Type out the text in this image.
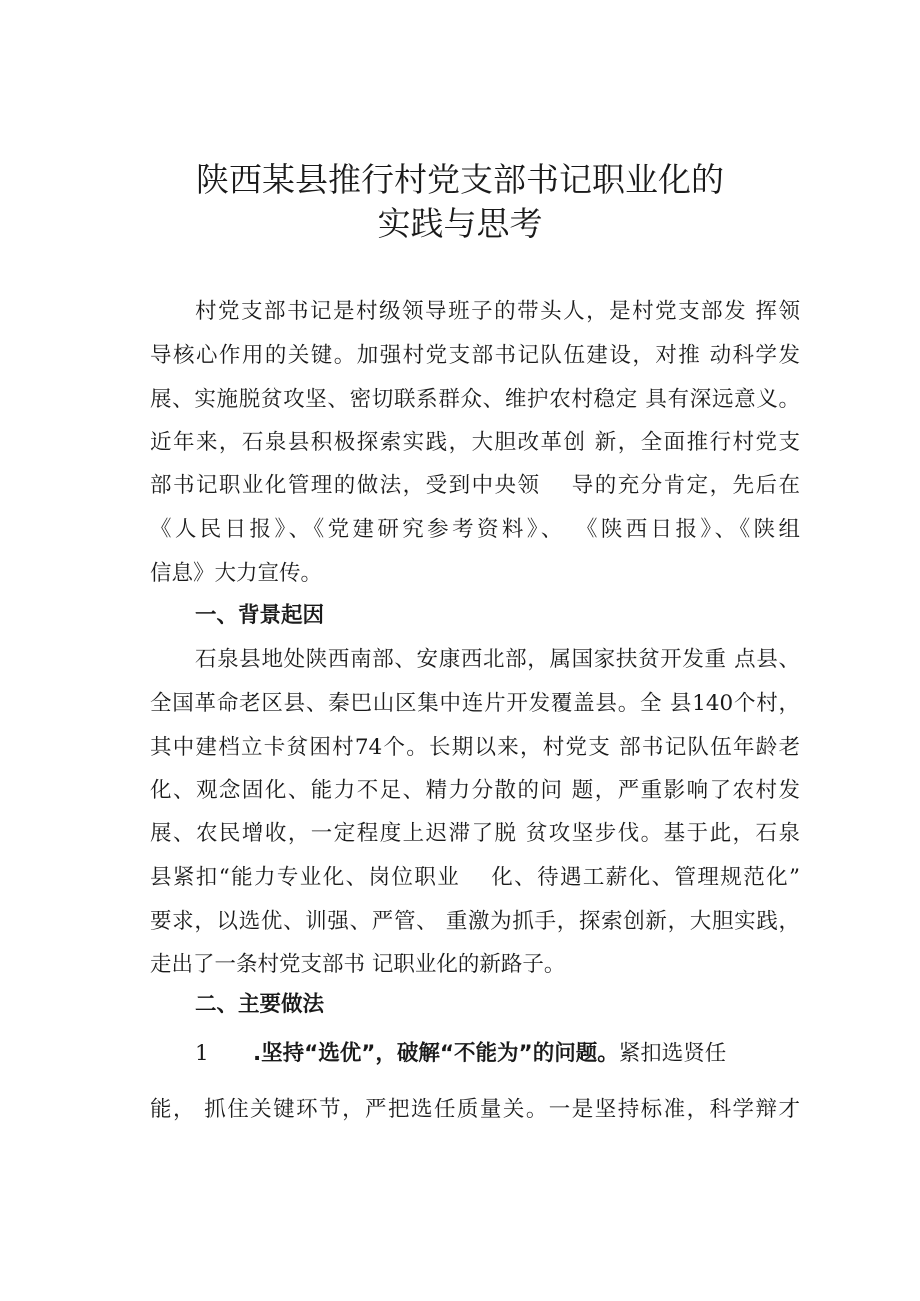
陕西某县推行村党支部书记职业化的
实践与思考
村党支部书记是村级领导班子的带头人，是村党支部发 挥领
导核心作用的关键。加强村党支部书记队伍建设，对推 动科学发
展、实施脱贫攻坚、密切联系群众、维护农村稳定 具有深远意义。
近年来，石泉县积极探索实践，大胆改革创 新，全面推行村党支
部书记职业化管理的做法，受到中央领　 导的充分肯定，先后在
《人民日报》、《党建研究参考资料》、 《陕西日报》、《陕组
信息》大力宣传。
一、背景起因
石泉县地处陕西南部、安康西北部，属国家扶贫开发重 点县、
全国革命老区县、秦巴山区集中连片开发覆盖县。全 县140个村，
其中建档立卡贫困村74个。长期以来，村党支 部书记队伍年龄老
化、观念固化、能力不足、精力分散的问 题，严重影响了农村发
展、农民增收，一定程度上迟滞了脱 贫攻坚步伐。基于此，石泉
县紧扣“能力专业化、岗位职业　 化、待遇工薪化、管理规范化”
要求，以选优、训强、严管、 重激为抓手，探索创新，大胆实践，
走出了一条村党支部书 记职业化的新路子。
二、主要做法
1 .坚持“选优”，破解“不能为”的问题。紧扣选贤任
能， 抓住关键环节，严把选任质量关。一是坚持标准，科学辩才
